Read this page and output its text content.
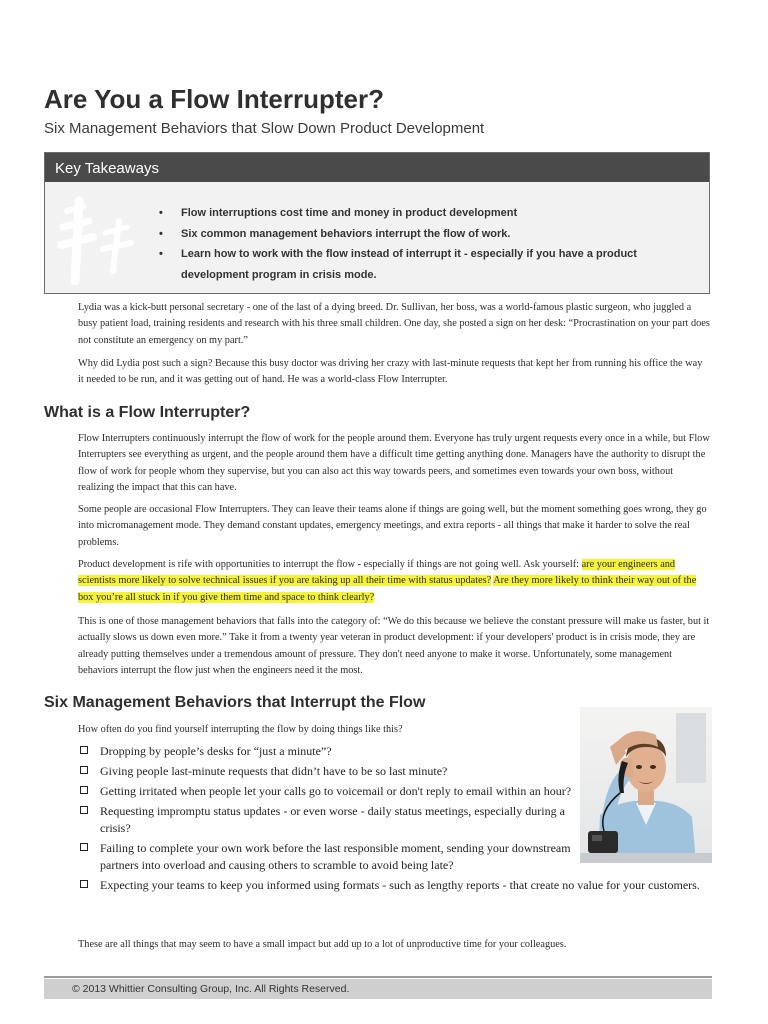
Are You a Flow Interrupter?

Six Management Behaviors that Slow Down Product Development

Key Takeaways
• Flow interruptions cost time and money in product development
• Six common management behaviors interrupt the flow of work.
• Learn how to work with the flow instead of interrupt it - especially if you have a product development program in crisis mode.

Lydia was a kick-butt personal secretary - one of the last of a dying breed. Dr. Sullivan, her boss, was a world-famous plastic surgeon, who juggled a busy patient load, training residents and research with his three small children. One day, she posted a sign on her desk: “Procrastination on your part does not constitute an emergency on my part.”

Why did Lydia post such a sign? Because this busy doctor was driving her crazy with last-minute requests that kept her from running his office the way it needed to be run, and it was getting out of hand. He was a world-class Flow Interrupter.

What is a Flow Interrupter?

Flow Interrupters continuously interrupt the flow of work for the people around them. Everyone has truly urgent requests every once in a while, but Flow Interrupters see everything as urgent, and the people around them have a difficult time getting anything done. Managers have the authority to disrupt the flow of work for people whom they supervise, but you can also act this way towards peers, and sometimes even towards your own boss, without realizing the impact that this can have.

Some people are occasional Flow Interrupters. They can leave their teams alone if things are going well, but the moment something goes wrong, they go into micromanagement mode. They demand constant updates, emergency meetings, and extra reports - all things that make it harder to solve the real problems.

Product development is rife with opportunities to interrupt the flow - especially if things are not going well. Ask yourself: are your engineers and scientists more likely to solve technical issues if you are taking up all their time with status updates? Are they more likely to think their way out of the box you’re all stuck in if you give them time and space to think clearly?

This is one of those management behaviors that falls into the category of: “We do this because we believe the constant pressure will make us faster, but it actually slows us down even more.” Take it from a twenty year veteran in product development: if your developers' product is in crisis mode, they are already putting themselves under a tremendous amount of pressure. They don't need anyone to make it worse. Unfortunately, some management behaviors interrupt the flow just when the engineers need it the most.

Six Management Behaviors that Interrupt the Flow

How often do you find yourself interrupting the flow by doing things like this?

Dropping by people’s desks for “just a minute”?
Giving people last-minute requests that didn’t have to be so last minute?
Getting irritated when people let your calls go to voicemail or don't reply to email within an hour?
Requesting impromptu status updates - or even worse - daily status meetings, especially during a crisis?
Failing to complete your own work before the last responsible moment, sending your downstream partners into overload and causing others to scramble to avoid being late?
Expecting your teams to keep you informed using formats - such as lengthy reports - that create no value for your customers.

These are all things that may seem to have a small impact but add up to a lot of unproductive time for your colleagues.

© 2013 Whittier Consulting Group, Inc. All Rights Reserved.
